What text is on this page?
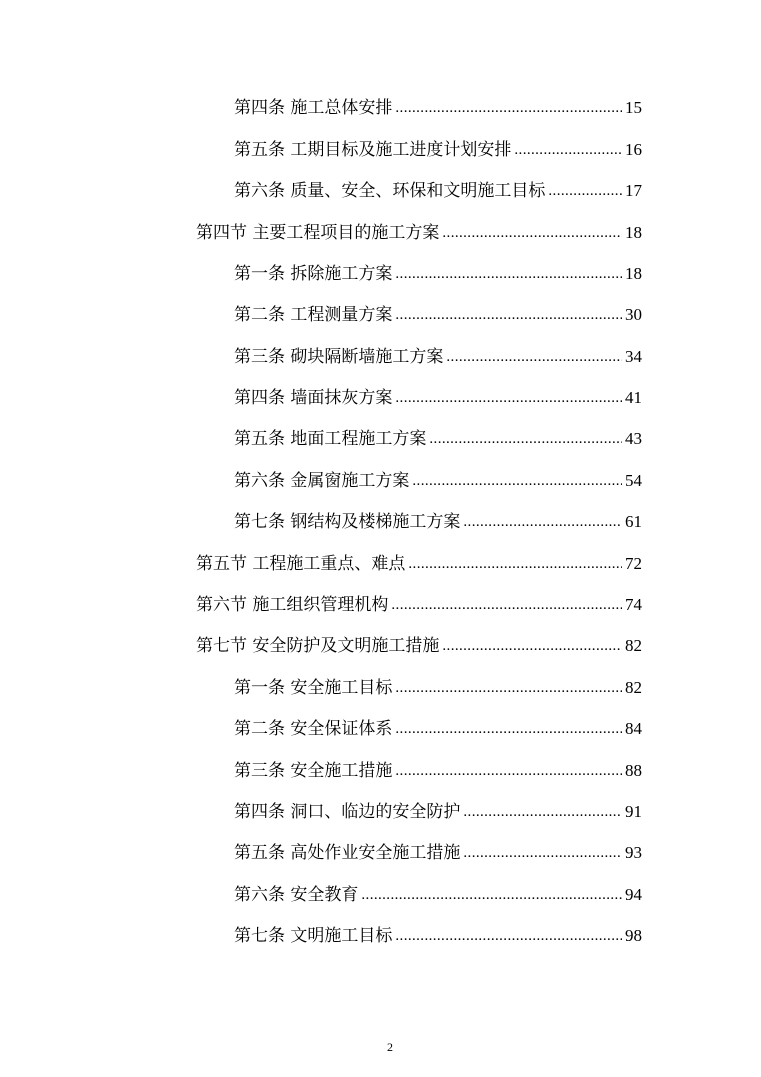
第四条 施工总体安排 .....	15
第五条 工期目标及施工进度计划安排 .....	16
第六条 质量、安全、环保和文明施工目标 .....	17
第四节 主要工程项目的施工方案 .....	18
第一条 拆除施工方案 .....	18
第二条 工程测量方案 .....	30
第三条 砌块隔断墙施工方案 .....	34
第四条 墙面抹灰方案 .....	41
第五条 地面工程施工方案 .....	43
第六条 金属窗施工方案 .....	54
第七条 钢结构及楼梯施工方案 .....	61
第五节 工程施工重点、难点 .....	72
第六节 施工组织管理机构 .....	74
第七节 安全防护及文明施工措施 .....	82
第一条 安全施工目标 .....	82
第二条 安全保证体系 .....	84
第三条 安全施工措施 .....	88
第四条 洞口、临边的安全防护 .....	91
第五条 高处作业安全施工措施 .....	93
第六条 安全教育 .....	94
第七条 文明施工目标 .....	98
2
